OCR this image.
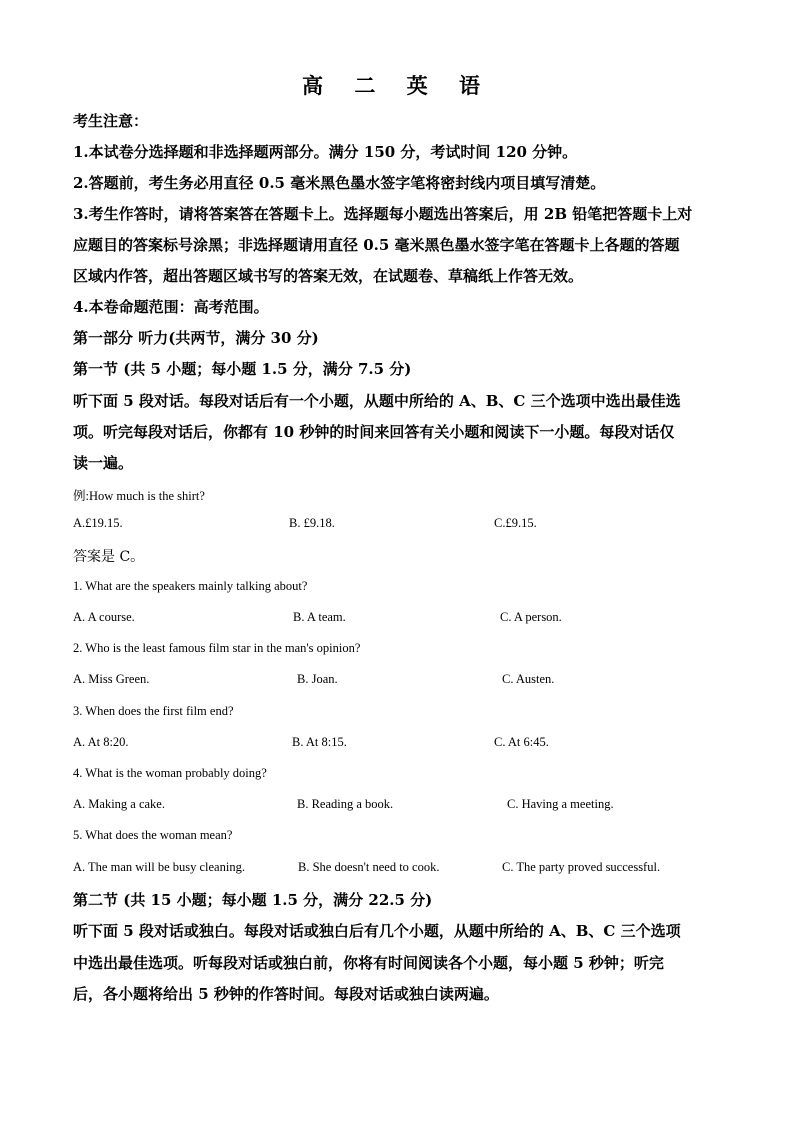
高 二 英 语
考生注意：
1.本试卷分选择题和非选择题两部分。满分 150 分，考试时间 120 分钟。
2.答题前，考生务必用直径 0.5 毫米黑色墨水签字笔将密封线内项目填写清楚。
3.考生作答时，请将答案答在答题卡上。选择题每小题选出答案后，用 2B 铅笔把答题卡上对
应题目的答案标号涂黑；非选择题请用直径 0.5 毫米黑色墨水签字笔在答题卡上各题的答题
区域内作答，超出答题区域书写的答案无效，在试题卷、草稿纸上作答无效。
4.本卷命题范围：高考范围。
第一部分 听力(共两节，满分 30 分)
第一节 (共 5 小题；每小题 1.5 分，满分 7.5 分)
听下面 5 段对话。每段对话后有一个小题，从题中所给的 A、B、C 三个选项中选出最佳选
项。听完每段对话后，你都有 10 秒钟的时间来回答有关小题和阅读下一小题。每段对话仅
读一遍。
例:How much is the shirt?
A.£19.15.	B. £9.18.	C.£9.15.
答案是 C。
1. What are the speakers mainly talking about?
A. A course.	B. A team.	C. A person.
2. Who is the least famous film star in the man's opinion?
A. Miss Green.	B. Joan.	C. Austen.
3. When does the first film end?
A. At 8:20.	B. At 8:15.	C. At 6:45.
4. What is the woman probably doing?
A. Making a cake.	B. Reading a book.	C. Having a meeting.
5. What does the woman mean?
A. The man will be busy cleaning.	B. She doesn't need to cook.	C. The party proved successful.
第二节 (共 15 小题；每小题 1.5 分，满分 22.5 分)
听下面 5 段对话或独白。每段对话或独白后有几个小题，从题中所给的 A、B、C 三个选项
中选出最佳选项。听每段对话或独白前，你将有时间阅读各个小题，每小题 5 秒钟；听完
后，各小题将给出 5 秒钟的作答时间。每段对话或独白读两遍。
